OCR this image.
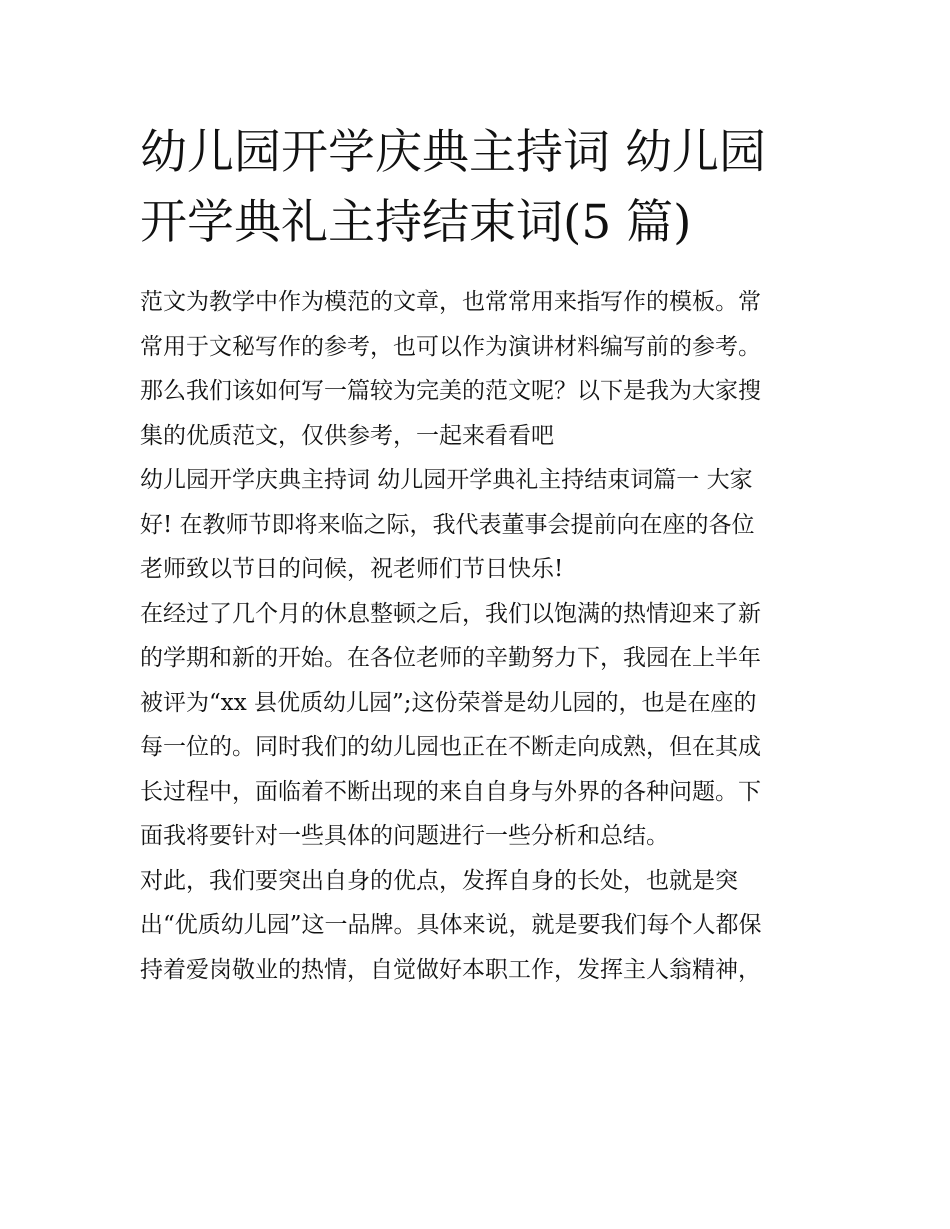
幼儿园开学庆典主持词 幼儿园
开学典礼主持结束词(5 篇)

范文为教学中作为模范的文章，也常常用来指写作的模板。常
常用于文秘写作的参考，也可以作为演讲材料编写前的参考。
那么我们该如何写一篇较为完美的范文呢？以下是我为大家搜
集的优质范文，仅供参考，一起来看看吧

幼儿园开学庆典主持词 幼儿园开学典礼主持结束词篇一 大家
好! 在教师节即将来临之际，我代表董事会提前向在座的各位
老师致以节日的问候，祝老师们节日快乐!

在经过了几个月的休息整顿之后，我们以饱满的热情迎来了新
的学期和新的开始。在各位老师的辛勤努力下，我园在上半年
被评为“xx 县优质幼儿园”;这份荣誉是幼儿园的，也是在座的
每一位的。同时我们的幼儿园也正在不断走向成熟，但在其成
长过程中，面临着不断出现的来自自身与外界的各种问题。下
面我将要针对一些具体的问题进行一些分析和总结。

对此，我们要突出自身的优点，发挥自身的长处，也就是突
出“优质幼儿园”这一品牌。具体来说，就是要我们每个人都保
持着爱岗敬业的热情，自觉做好本职工作，发挥主人翁精神，
